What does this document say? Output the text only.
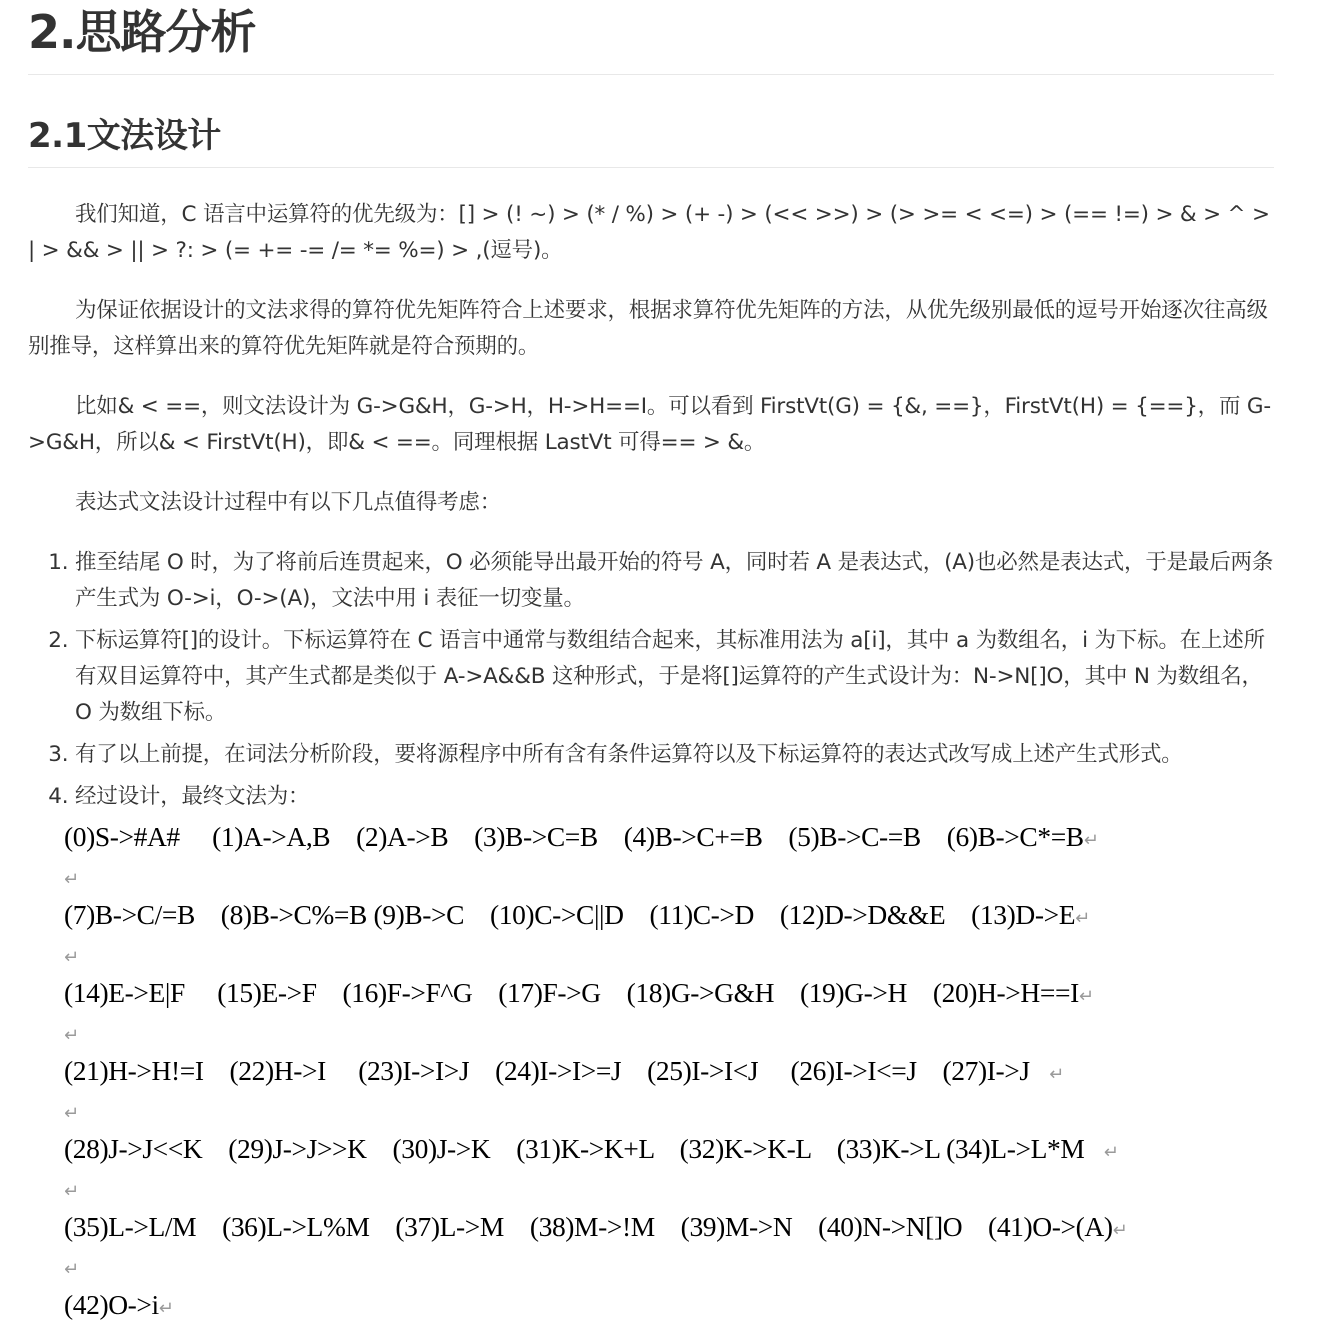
2.思路分析
2.1文法设计

我们知道，C 语言中运算符的优先级为：[] > (! ~) > (* / %) > (+ -) > (<< >>) > (> >= < <=) > (== !=) > & > ^ > | > && > || > ?: > (= += -= /= *= %=) > ,(逗号)。

为保证依据设计的文法求得的算符优先矩阵符合上述要求，根据求算符优先矩阵的方法，从优先级别最低的逗号开始逐次往高级别推导，这样算出来的算符优先矩阵就是符合预期的。

比如& < ==，则文法设计为 G->G&H，G->H，H->H==I。可以看到 FirstVt(G) = {&, ==}，FirstVt(H) = {==}，而 G->G&H，所以& < FirstVt(H)，即& < ==。同理根据 LastVt 可得== > &。

表达式文法设计过程中有以下几点值得考虑：

1. 推至结尾 O 时，为了将前后连贯起来，O 必须能导出最开始的符号 A，同时若 A 是表达式，(A)也必然是表达式，于是最后两条产生式为 O->i，O->(A)，文法中用 i 表征一切变量。
2. 下标运算符[]的设计。下标运算符在 C 语言中通常与数组结合起来，其标准用法为 a[i]，其中 a 为数组名，i 为下标。在上述所有双目运算符中，其产生式都是类似于 A->A&&B 这种形式，于是将[]运算符的产生式设计为：N->N[]O，其中 N 为数组名，O 为数组下标。
3. 有了以上前提，在词法分析阶段，要将源程序中所有含有条件运算符以及下标运算符的表达式改写成上述产生式形式。
4. 经过设计，最终文法为：
(0)S->#A#     (1)A->A,B    (2)A->B    (3)B->C=B    (4)B->C+=B    (5)B->C-=B    (6)B->C*=B↵
↵
(7)B->C/=B    (8)B->C%=B (9)B->C    (10)C->C||D    (11)C->D    (12)D->D&&E    (13)D->E↵
↵
(14)E->E|F     (15)E->F    (16)F->F^G    (17)F->G    (18)G->G&H    (19)G->H    (20)H->H==I↵
↵
(21)H->H!=I    (22)H->I     (23)I->I>J    (24)I->I>=J    (25)I->I<J     (26)I->I<=J    (27)I->J   ↵
↵
(28)J->J<<K    (29)J->J>>K    (30)J->K    (31)K->K+L    (32)K->K-L    (33)K->L (34)L->L*M   ↵
↵
(35)L->L/M    (36)L->L%M    (37)L->M    (38)M->!M    (39)M->N    (40)N->N[]O    (41)O->(A)↵
↵
(42)O->i↵
